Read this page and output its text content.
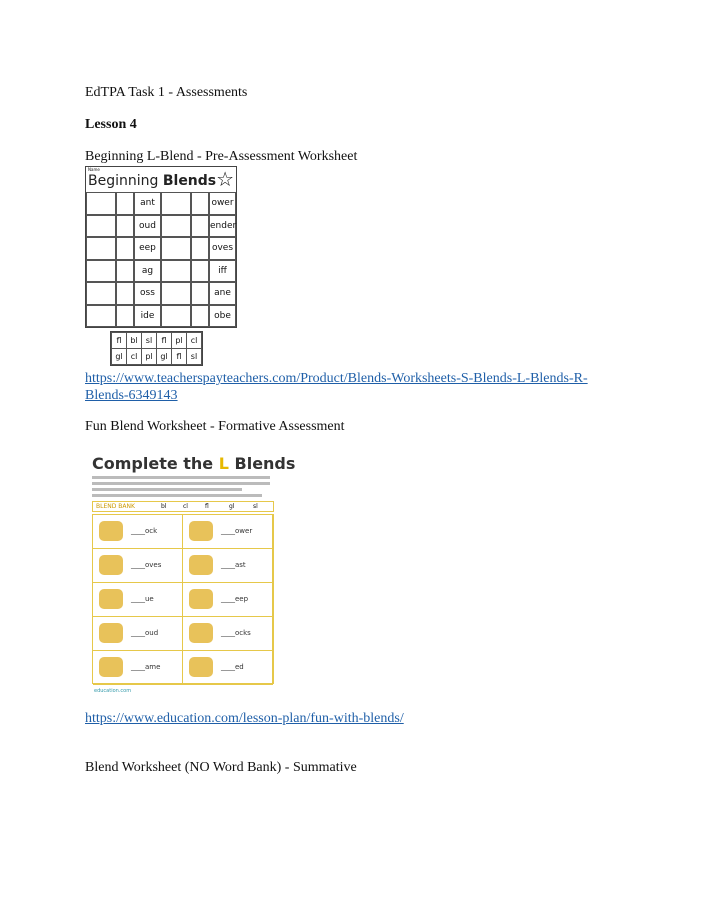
EdTPA Task 1 - Assessments

Lesson 4

Beginning L-Blend - Pre-Assessment Worksheet

Name
Beginning Blends ☆
ant	ower
oud	ender
eep	oves
ag	iff
oss	ane
ide	obe
fl	bl	sl	fl	pl	cl
gl	cl	pl	gl	fl	sl

https://www.teacherspayteachers.com/Product/Blends-Worksheets-S-Blends-L-Blends-R-
Blends-6349143

Fun Blend Worksheet - Formative Assessment

Complete the L Blends
BLEND BANK	bl	cl	fl	gl	sl
____ock	____ower
____oves	____ast
____ue	____eep
____oud	____ocks
____ame	____ed
education.com

https://www.education.com/lesson-plan/fun-with-blends/

Blend Worksheet (NO Word Bank) - Summative
